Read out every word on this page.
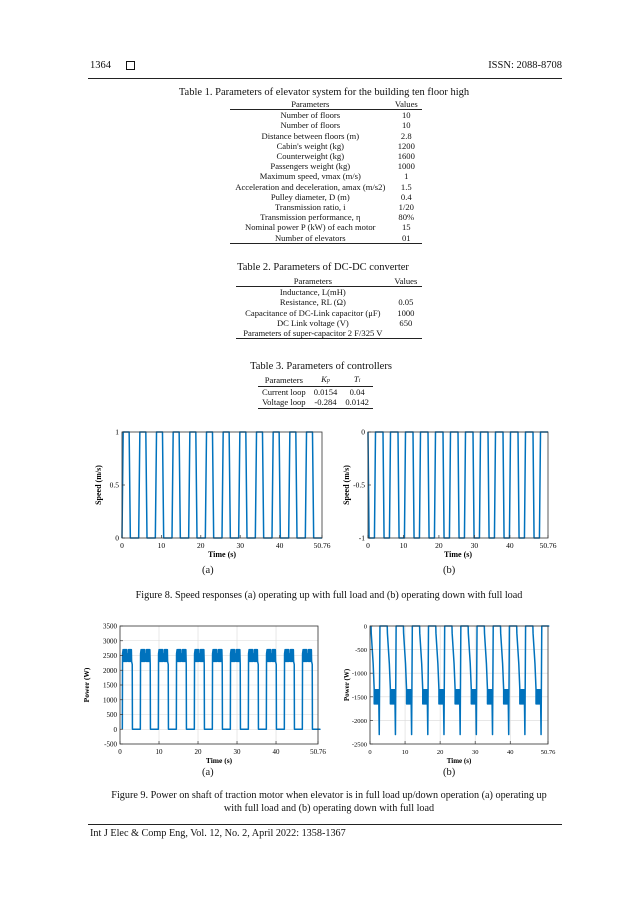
1364	ISSN: 2088-8708
Table 1. Parameters of elevator system for the building ten floor high
Parameters	Values
Number of floors	10
Number of floors	10
Distance between floors (m)	2.8
Cabin's weight (kg)	1200
Counterweight (kg)	1600
Passengers weight (kg)	1000
Maximum speed, vmax (m/s)	1
Acceleration and deceleration, amax (m/s2)	1.5
Pulley diameter, D (m)	0.4
Transmission ratio, i	1/20
Transmission performance, η	80%
Nominal power P (kW) of each motor	15
Number of elevators	01
Table 2. Parameters of DC-DC converter
Parameters	Values
Inductance, L(mH)	
Resistance, RL (Ω)	0.05
Capacitance of DC-Link capacitor (μF)	1000
DC Link voltage (V)	650
Parameters of super-capacitor 2 F/325 V	
Table 3. Parameters of controllers
Parameters	Kp	Ti
Current loop	0.0154	0.04
Voltage loop	-0.284	0.0142
0	10	20	30	40	50.76
0
0.5
1
Time (s)
Speed (m/s)
0	10	20	30	40	50.76
-1
-0.5
0
Time (s)
Speed (m/s)
(a)	(b)
Figure 8. Speed responses (a) operating up with full load and (b) operating down with full load
0	10	20	30	40	50.76
-500
0
500
1000
1500
2000
2500
3000
3500
Time (s)
Power (W)
0	10	20	30	40	50.76
-2500
-2000
-1500
-1000
-500
0
Time (s)
Power (W)
(a)	(b)
Figure 9. Power on shaft of traction motor when elevator is in full load up/down operation (a) operating up
with full load and (b) operating down with full load
Int J Elec & Comp Eng, Vol. 12, No. 2, April 2022: 1358-1367
